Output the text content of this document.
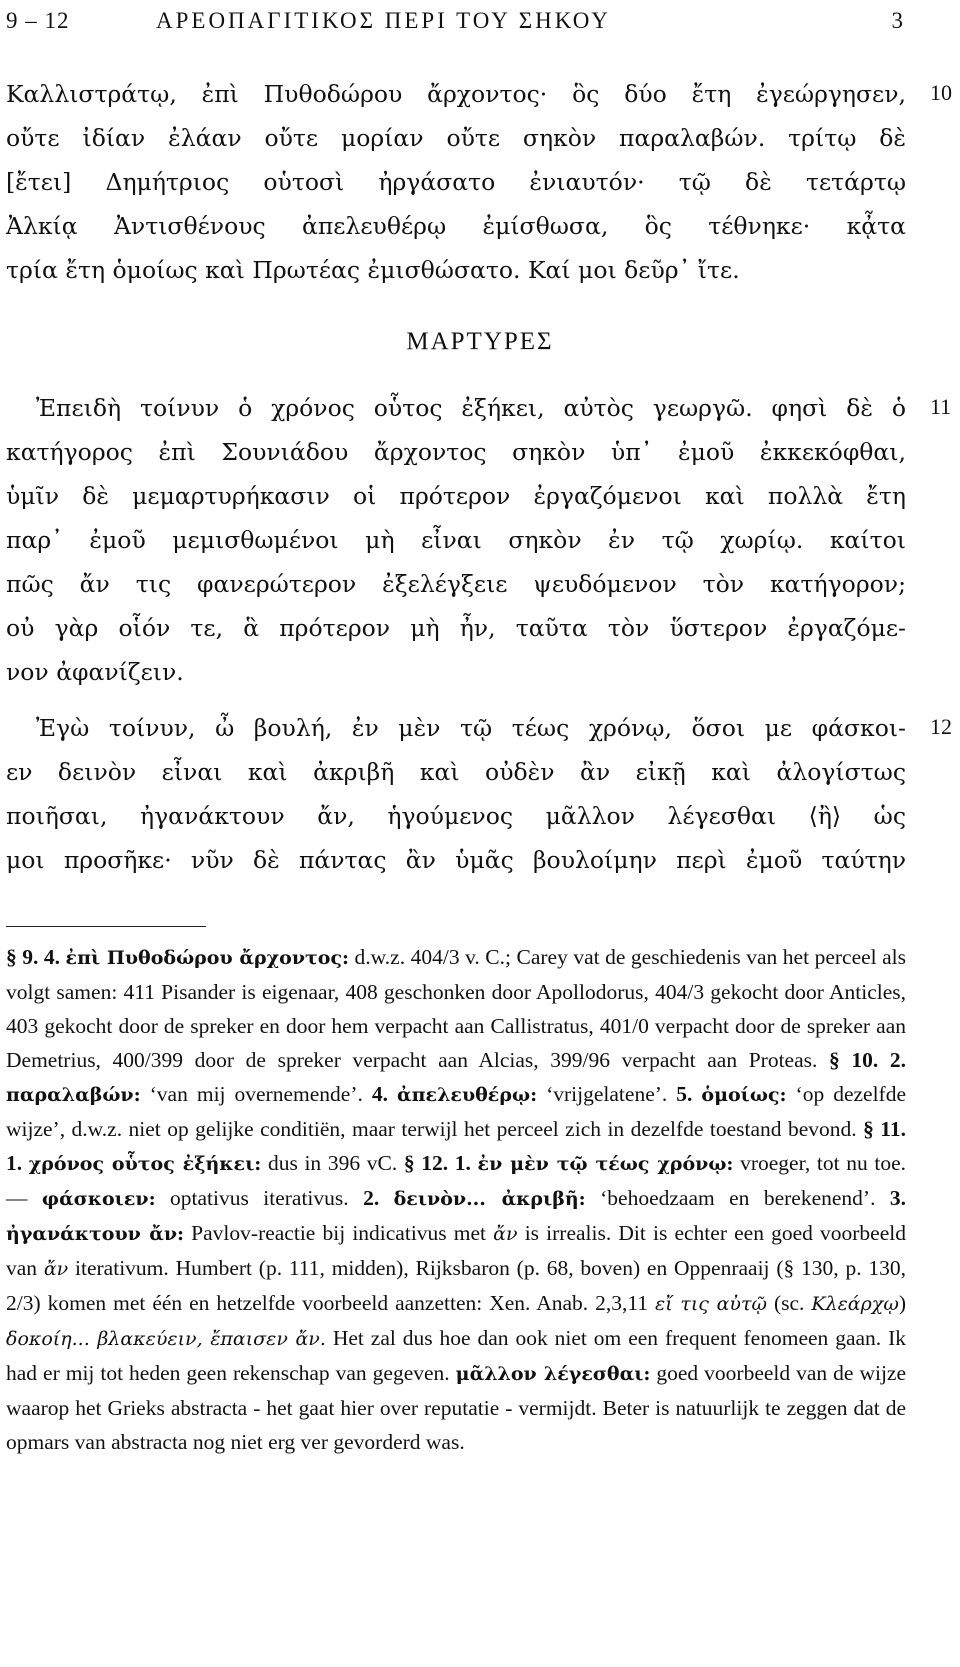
9 – 12	ΑΡΕΟΠΑΓΙΤΙΚΟΣ ΠΕΡΙ ΤΟΥ ΣΗΚΟΥ	3
Καλλιστράτῳ, ἐπὶ Πυθοδώρου ἄρχοντος· ὃς δύο ἔτη ἐγεώργησεν, 10
οὔτε ἰδίαν ἐλάαν οὔτε μορίαν οὔτε σηκὸν παραλαβών. τρίτῳ δὲ
[ἔτει] Δημήτριος οὑτοσὶ ἠργάσατο ἐνιαυτόν· τῷ δὲ τετάρτῳ
Ἀλκίᾳ Ἀντισθένους ἀπελευθέρῳ ἐμίσθωσα, ὃς τέθνηκε· κᾆτα
τρία ἔτη ὁμοίως καὶ Πρωτέας ἐμισθώσατο. Καί μοι δεῦρ᾽ ἴτε.
ΜΑΡΤΥΡΕΣ
Ἐπειδὴ τοίνυν ὁ χρόνος οὗτος ἐξήκει, αὐτὸς γεωργῶ. φησὶ δὲ ὁ 11
κατήγορος ἐπὶ Σουνιάδου ἄρχοντος σηκὸν ὑπ᾽ ἐμοῦ ἐκκεκόφθαι,
ὑμῖν δὲ μεμαρτυρήκασιν οἱ πρότερον ἐργαζόμενοι καὶ πολλὰ ἔτη
παρ᾽ ἐμοῦ μεμισθωμένοι μὴ εἶναι σηκὸν ἐν τῷ χωρίῳ. καίτοι
πῶς ἄν τις φανερώτερον ἐξελέγξειε ψευδόμενον τὸν κατήγορον;
οὐ γὰρ οἷόν τε, ἃ πρότερον μὴ ἦν, ταῦτα τὸν ὕστερον ἐργαζόμε-
νον ἀφανίζειν.
Ἐγὼ τοίνυν, ὦ βουλή, ἐν μὲν τῷ τέως χρόνῳ, ὅσοι με φάσκοι- 12
εν δεινὸν εἶναι καὶ ἀκριβῆ καὶ οὐδὲν ἂν εἰκῇ καὶ ἀλογίστως
ποιῆσαι, ἠγανάκτουν ἄν, ἡγούμενος μᾶλλον λέγεσθαι ⟨ἢ⟩ ὡς
μοι προσῆκε· νῦν δὲ πάντας ἂν ὑμᾶς βουλοίμην περὶ ἐμοῦ ταύτην
§ 9. 4. ἐπὶ Πυθοδώρου ἄρχοντος: d.w.z. 404/3 v. C.; Carey vat de geschiedenis van het perceel als volgt samen: 411 Pisander is eigenaar, 408 geschonken door Apollodorus, 404/3 gekocht door Anticles, 403 gekocht door de spreker en door hem verpacht aan Callistratus, 401/0 verpacht door de spreker aan Demetrius, 400/399 door de spreker verpacht aan Alcias, 399/96 verpacht aan Proteas. § 10. 2. παραλαβών: ‘van mij overnemende’. 4. ἀπελευθέρῳ: ‘vrijgelatene’. 5. ὁμοίως: ‘op dezelfde wijze’, d.w.z. niet op gelijke conditiën, maar terwijl het perceel zich in dezelfde toestand bevond. § 11. 1. χρόνος οὗτος ἐξήκει: dus in 396 vC. § 12. 1. ἐν μὲν τῷ τέως χρόνῳ: vroeger, tot nu toe. — φάσκοιεν: optativus iterativus. 2. δεινὸν... ἀκριβῆ: ‘behoedzaam en berekenend’. 3. ἠγανάκτουν ἄν: Pavlov-reactie bij indicativus met ἄν is irrealis. Dit is echter een goed voorbeeld van ἄν iterativum. Humbert (p. 111, midden), Rijksbaron (p. 68, boven) en Oppenraaij (§ 130, p. 130, 2/3) komen met één en hetzelfde voorbeeld aanzetten: Xen. Anab. 2,3,11 εἴ τις αὐτῷ (sc. Κλεάρχῳ) δοκοίη... βλακεύειν, ἔπαισεν ἄν. Het zal dus hoe dan ook niet om een frequent fenomeen gaan. Ik had er mij tot heden geen rekenschap van gegeven. μᾶλλον λέγεσθαι: goed voorbeeld van de wijze waarop het Grieks abstracta - het gaat hier over reputatie - vermijdt. Beter is natuurlijk te zeggen dat de opmars van abstracta nog niet erg ver gevorderd was.
